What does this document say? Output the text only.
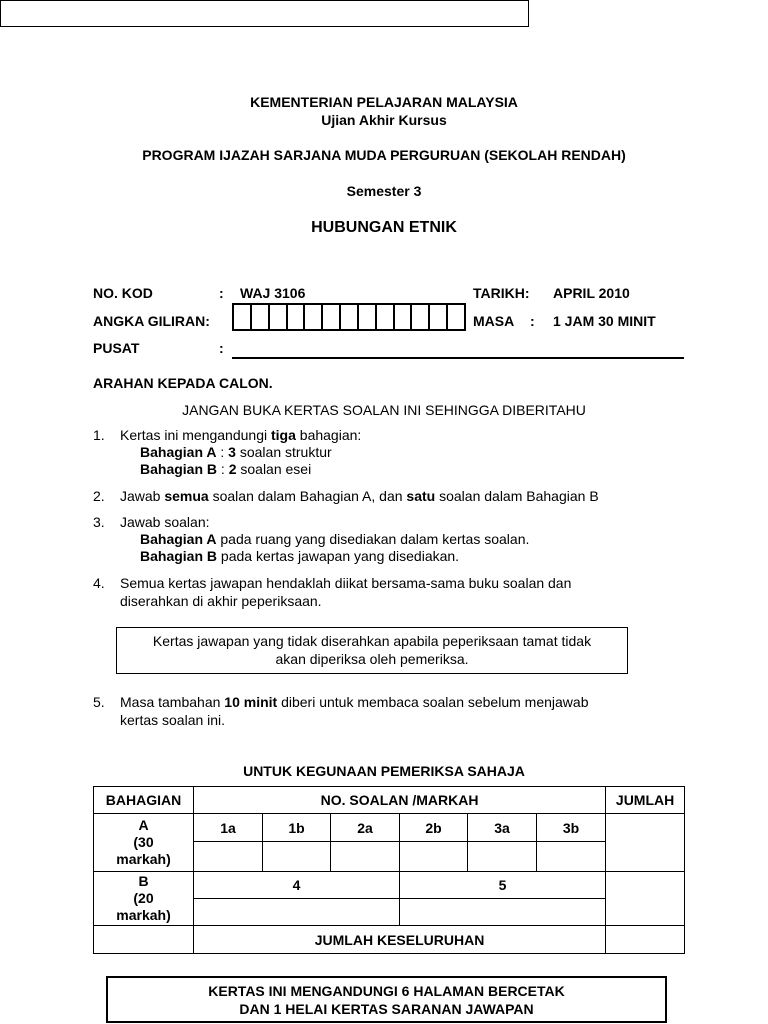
KEMENTERIAN PELAJARAN MALAYSIA
Ujian Akhir Kursus
PROGRAM IJAZAH SARJANA MUDA PERGURUAN (SEKOLAH RENDAH)
Semester 3
HUBUNGAN ETNIK
NO. KOD	: WAJ 3106	TARIKH: APRIL 2010
ANGKA GILIRAN:	MASA : 1 JAM 30 MINIT
PUSAT	:
ARAHAN KEPADA CALON.
JANGAN BUKA KERTAS SOALAN INI SEHINGGA DIBERITAHU
1. Kertas ini mengandungi tiga bahagian:
Bahagian A : 3 soalan struktur
Bahagian B : 2 soalan esei
2. Jawab semua soalan dalam Bahagian A, dan satu soalan dalam Bahagian B
3. Jawab soalan:
Bahagian A pada ruang yang disediakan dalam kertas soalan.
Bahagian B pada kertas jawapan yang disediakan.
4. Semua kertas jawapan hendaklah diikat bersama-sama buku soalan dan
diserahkan di akhir peperiksaan.
Kertas jawapan yang tidak diserahkan apabila peperiksaan tamat tidak
akan diperiksa oleh pemeriksa.
5. Masa tambahan 10 minit diberi untuk membaca soalan sebelum menjawab
kertas soalan ini.
UNTUK KEGUNAAN PEMERIKSA SAHAJA
BAHAGIAN	NO. SOALAN /MARKAH						JUMLAH

A
(30
markah)	1a	1b	2a	2b	3a	3b	

B
(20
markah)	4			5			

	JUMLAH KESELURUHAN						
KERTAS INI MENGANDUNGI 6 HALAMAN BERCETAK
DAN 1 HELAI KERTAS SARANAN JAWAPAN
